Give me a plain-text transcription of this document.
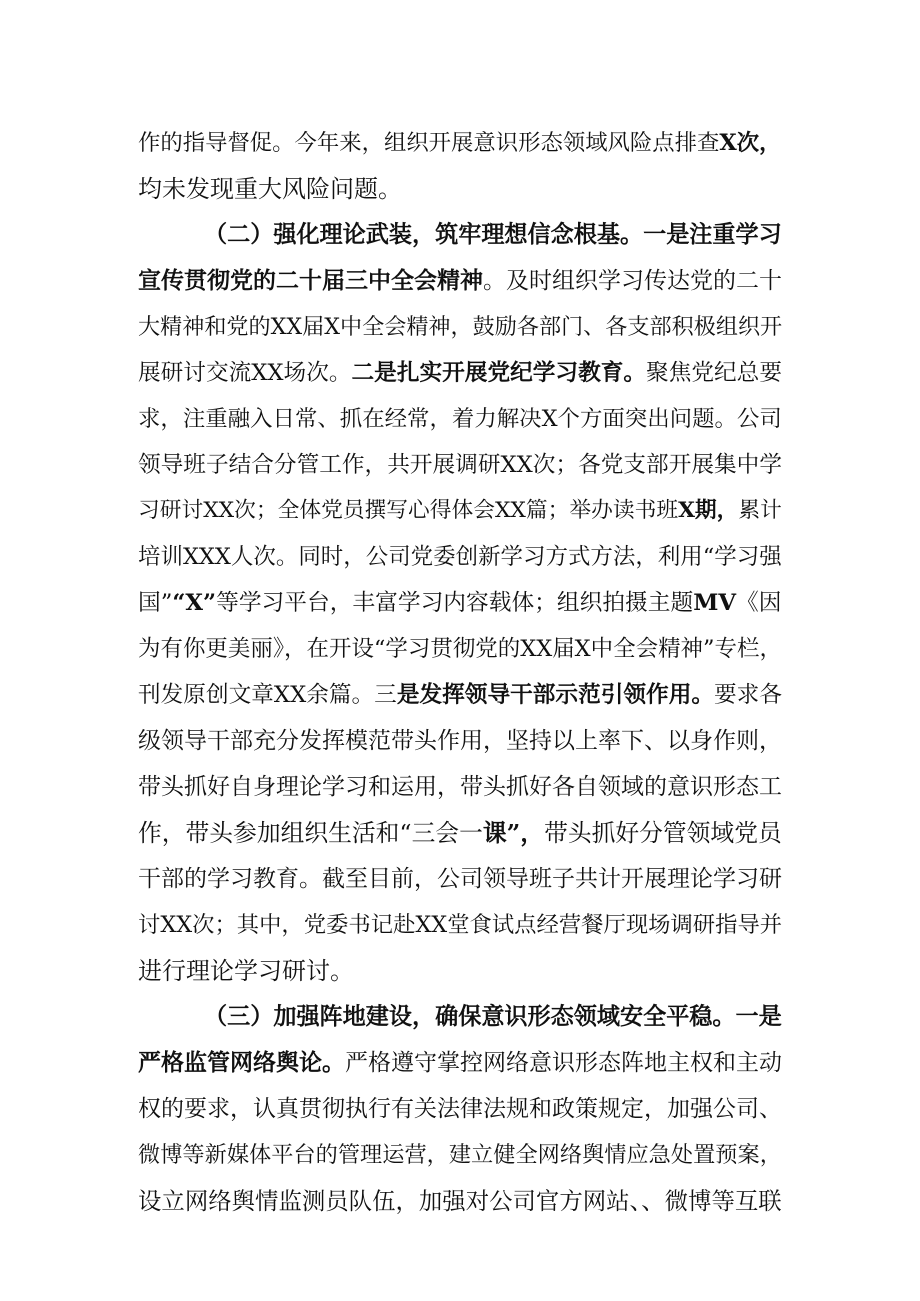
作的指导督促。今年来，组织开展意识形态领域风险点排查X次，
均未发现重大风险问题。
（二）强化理论武装，筑牢理想信念根基。一是注重学习
宣传贯彻党的二十届三中全会精神。及时组织学习传达党的二十
大精神和党的XX届X中全会精神，鼓励各部门、各支部积极组织开
展研讨交流XX场次。二是扎实开展党纪学习教育。聚焦党纪总要
求，注重融入日常、抓在经常，着力解决X个方面突出问题。公司
领导班子结合分管工作，共开展调研XX次；各党支部开展集中学
习研讨XX次；全体党员撰写心得体会XX篇；举办读书班X期，累计
培训XXX人次。同时，公司党委创新学习方式方法，利用“学习强
国”“X”等学习平台，丰富学习内容载体；组织拍摄主题MV《因
为有你更美丽》，在开设“学习贯彻党的XX届X中全会精神”专栏，
刊发原创文章XX余篇。三是发挥领导干部示范引领作用。要求各
级领导干部充分发挥模范带头作用，坚持以上率下、以身作则，
带头抓好自身理论学习和运用，带头抓好各自领域的意识形态工
作，带头参加组织生活和“三会一课”，带头抓好分管领域党员
干部的学习教育。截至目前，公司领导班子共计开展理论学习研
讨XX次；其中，党委书记赴XX堂食试点经营餐厅现场调研指导并
进行理论学习研讨。
（三）加强阵地建设，确保意识形态领域安全平稳。一是
严格监管网络舆论。严格遵守掌控网络意识形态阵地主权和主动
权的要求，认真贯彻执行有关法律法规和政策规定，加强公司、
微博等新媒体平台的管理运营，建立健全网络舆情应急处置预案，
设立网络舆情监测员队伍，加强对公司官方网站、、微博等互联
